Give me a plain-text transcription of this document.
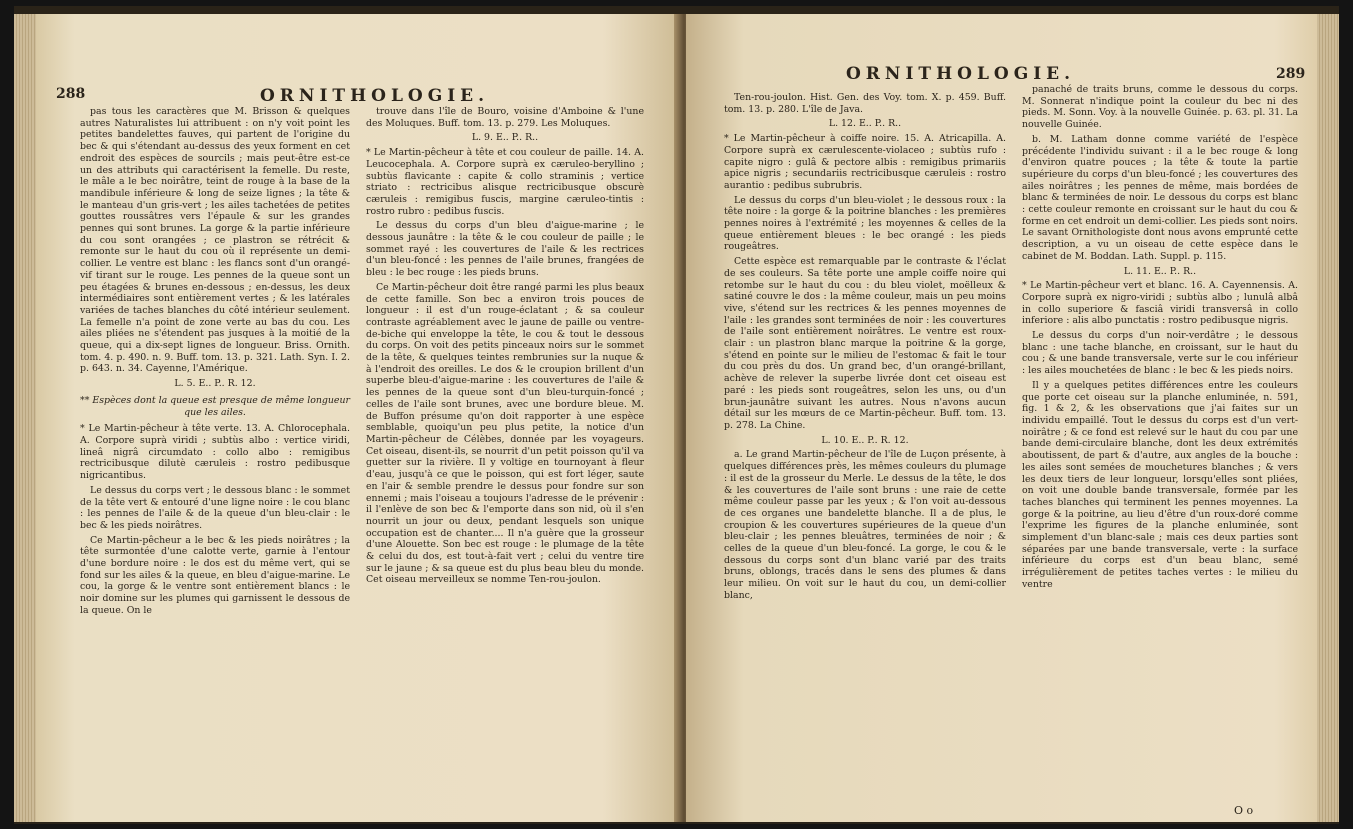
288	ORNITHOLOGIE.

pas tous les caractères que M. Brisson & quelques autres Naturalistes lui attribuent : on n'y voit point les petites bandelettes fauves, qui partent de l'origine du bec & qui s'étendant au-dessus des yeux forment en cet endroit des espèces de sourcils ; mais peut-être est-ce un des attributs qui caractérisent la femelle. Du reste, le mâle a le bec noirâtre, teint de rouge à la base de la mandibule inférieure & long de seize lignes ; la tête & le manteau d'un gris-vert ; les ailes tachetées de petites gouttes roussâtres vers l'épaule & sur les grandes pennes qui sont brunes. La gorge & la partie inférieure du cou sont orangées ; ce plastron se rétrécit & remonte sur le haut du cou où il représente un demi-collier. Le ventre est blanc : les flancs sont d'un orangé-vif tirant sur le rouge. Les pennes de la queue sont un peu étagées & brunes en-dessous ; en-dessus, les deux intermédiaires sont entièrement vertes ; & les latérales variées de taches blanches du côté intérieur seulement. La femelle n'a point de zone verte au bas du cou. Les ailes pliées ne s'étendent pas jusques à la moitié de la queue, qui a dix-sept lignes de longueur. Briss. Ornith. tom. 4. p. 490. n. 9. Buff. tom. 13. p. 321. Lath. Syn. I. 2. p. 643. n. 34. Cayenne, l'Amérique.

L. 5. E.. P.. R. 12.

** Espèces dont la queue est presque de même longueur que les ailes.

* Le Martin-pêcheur à tête verte. 13. A. Chlorocephala. A. Corpore suprà viridi ; subtùs albo : vertice viridi, lineâ nigrâ circumdato : collo albo : remigibus rectricibusque dilutè cæruleis : rostro pedibusque nigricantibus.

Le dessus du corps vert ; le dessous blanc : le sommet de la tête vert & entouré d'une ligne noire : le cou blanc : les pennes de l'aile & de la queue d'un bleu-clair : le bec & les pieds noirâtres.

Ce Martin-pêcheur a le bec & les pieds noirâtres ; la tête surmontée d'une calotte verte, garnie à l'entour d'une bordure noire : le dos est du même vert, qui se fond sur les ailes & la queue, en bleu d'aigue-marine. Le cou, la gorge & le ventre sont entièrement blancs : le noir domine sur les plumes qui garnissent le dessous de la queue. On le

trouve dans l'île de Bouro, voisine d'Amboine & l'une des Moluques. Buff. tom. 13. p. 279. Les Moluques.

L. 9. E.. P.. R..

* Le Martin-pêcheur à tête et cou couleur de paille. 14. A. Leucocephala. A. Corpore suprà ex cæruleo-beryllino ; subtùs flavicante : capite & collo straminis ; vertice striato : rectricibus alisque rectricibusque obscurè cæruleis : remigibus fuscis, margine cæruleo-tintis : rostro rubro : pedibus fuscis.

Le dessus du corps d'un bleu d'aigue-marine ; le dessous jaunâtre : la tête & le cou couleur de paille ; le sommet rayé : les couvertures de l'aile & les rectrices d'un bleu-foncé : les pennes de l'aile brunes, frangées de bleu : le bec rouge : les pieds bruns.

Ce Martin-pêcheur doit être rangé parmi les plus beaux de cette famille. Son bec a environ trois pouces de longueur : il est d'un rouge-éclatant ; & sa couleur contraste agréablement avec le jaune de paille ou ventre-de-biche qui enveloppe la tête, le cou & tout le dessous du corps. On voit des petits pinceaux noirs sur le sommet de la tête, & quelques teintes rembrunies sur la nuque & à l'endroit des oreilles. Le dos & le croupion brillent d'un superbe bleu-d'aigue-marine : les couvertures de l'aile & les pennes de la queue sont d'un bleu-turquin-foncé ; celles de l'aile sont brunes, avec une bordure bleue. M. de Buffon présume qu'on doit rapporter à une espèce semblable, quoiqu'un peu plus petite, la notice d'un Martin-pêcheur de Célèbes, donnée par les voyageurs. Cet oiseau, disent-ils, se nourrit d'un petit poisson qu'il va guetter sur la rivière. Il y voltige en tournoyant à fleur d'eau, jusqu'à ce que le poisson, qui est fort léger, saute en l'air & semble prendre le dessus pour fondre sur son ennemi ; mais l'oiseau a toujours l'adresse de le prévenir : il l'enlève de son bec & l'emporte dans son nid, où il s'en nourrit un jour ou deux, pendant lesquels son unique occupation est de chanter.... Il n'a guère que la grosseur d'une Alouette. Son bec est rouge : le plumage de la tête & celui du dos, est tout-à-fait vert ; celui du ventre tire sur le jaune ; & sa queue est du plus beau bleu du monde. Cet oiseau merveilleux se nomme Ten-rou-joulon.

ORNITHOLOGIE.	289

Ten-rou-joulon. Hist. Gen. des Voy. tom. X. p. 459. Buff. tom. 13. p. 280. L'île de Java.

L. 12. E.. P.. R..

* Le Martin-pêcheur à coiffe noire. 15. A. Atricapilla. A. Corpore suprà ex cærulescente-violaceo ; subtùs rufo : capite nigro : gulâ & pectore albis : remigibus primariis apice nigris ; secundariis rectricibusque cæruleis : rostro aurantio : pedibus subrubris.

Le dessus du corps d'un bleu-violet ; le dessous roux : la tête noire : la gorge & la poitrine blanches : les premières pennes noires à l'extrémité ; les moyennes & celles de la queue entièrement bleues : le bec orangé : les pieds rougeâtres.

Cette espèce est remarquable par le contraste & l'éclat de ses couleurs. Sa tête porte une ample coiffe noire qui retombe sur le haut du cou : du bleu violet, moëlleux & satiné couvre le dos : la même couleur, mais un peu moins vive, s'étend sur les rectrices & les pennes moyennes de l'aile : les grandes sont terminées de noir : les couvertures de l'aile sont entièrement noirâtres. Le ventre est roux-clair : un plastron blanc marque la poitrine & la gorge, s'étend en pointe sur le milieu de l'estomac & fait le tour du cou près du dos. Un grand bec, d'un orangé-brillant, achève de relever la superbe livrée dont cet oiseau est paré : les pieds sont rougeâtres, selon les uns, ou d'un brun-jaunâtre suivant les autres. Nous n'avons aucun détail sur les mœurs de ce Martin-pêcheur. Buff. tom. 13. p. 278. La Chine.

L. 10. E.. P.. R. 12.

a. Le grand Martin-pêcheur de l'île de Luçon présente, à quelques différences près, les mêmes couleurs du plumage : il est de la grosseur du Merle. Le dessus de la tête, le dos & les couvertures de l'aile sont bruns : une raie de cette même couleur passe par les yeux ; & l'on voit au-dessous de ces organes une bandelette blanche. Il a de plus, le croupion & les couvertures supérieures de la queue d'un bleu-clair ; les pennes bleuâtres, terminées de noir ; & celles de la queue d'un bleu-foncé. La gorge, le cou & le dessous du corps sont d'un blanc varié par des traits bruns, oblongs, tracés dans le sens des plumes & dans leur milieu. On voit sur le haut du cou, un demi-collier blanc,

panaché de traits bruns, comme le dessous du corps. M. Sonnerat n'indique point la couleur du bec ni des pieds. M. Sonn. Voy. à la nouvelle Guinée. p. 63. pl. 31. La nouvelle Guinée.

b. M. Latham donne comme variété de l'espèce précédente l'individu suivant : il a le bec rouge & long d'environ quatre pouces ; la tête & toute la partie supérieure du corps d'un bleu-foncé ; les couvertures des ailes noirâtres ; les pennes de même, mais bordées de blanc & terminées de noir. Le dessous du corps est blanc : cette couleur remonte en croissant sur le haut du cou & forme en cet endroit un demi-collier. Les pieds sont noirs. Le savant Ornithologiste dont nous avons emprunté cette description, a vu un oiseau de cette espèce dans le cabinet de M. Boddan. Lath. Suppl. p. 115.

L. 11. E.. P.. R..

* Le Martin-pêcheur vert et blanc. 16. A. Cayennensis. A. Corpore suprà ex nigro-viridi ; subtùs albo ; lunulâ albâ in collo superiore & fasciâ viridi transversâ in collo inferiore : alis albo punctatis : rostro pedibusque nigris.

Le dessus du corps d'un noir-verdâtre ; le dessous blanc : une tache blanche, en croissant, sur le haut du cou ; & une bande transversale, verte sur le cou inférieur : les ailes mouchetées de blanc : le bec & les pieds noirs.

Il y a quelques petites différences entre les couleurs que porte cet oiseau sur la planche enluminée, n. 591, fig. 1 & 2, & les observations que j'ai faites sur un individu empaillé. Tout le dessus du corps est d'un vert-noirâtre ; & ce fond est relevé sur le haut du cou par une bande demi-circulaire blanche, dont les deux extrémités aboutissent, de part & d'autre, aux angles de la bouche : les ailes sont semées de mouchetures blanches ; & vers les deux tiers de leur longueur, lorsqu'elles sont pliées, on voit une double bande transversale, formée par les taches blanches qui terminent les pennes moyennes. La gorge & la poitrine, au lieu d'être d'un roux-doré comme l'exprime les figures de la planche enluminée, sont simplement d'un blanc-sale ; mais ces deux parties sont séparées par une bande transversale, verte : la surface inférieure du corps est d'un beau blanc, semé irrégulièrement de petites taches vertes : le milieu du ventre

O o
